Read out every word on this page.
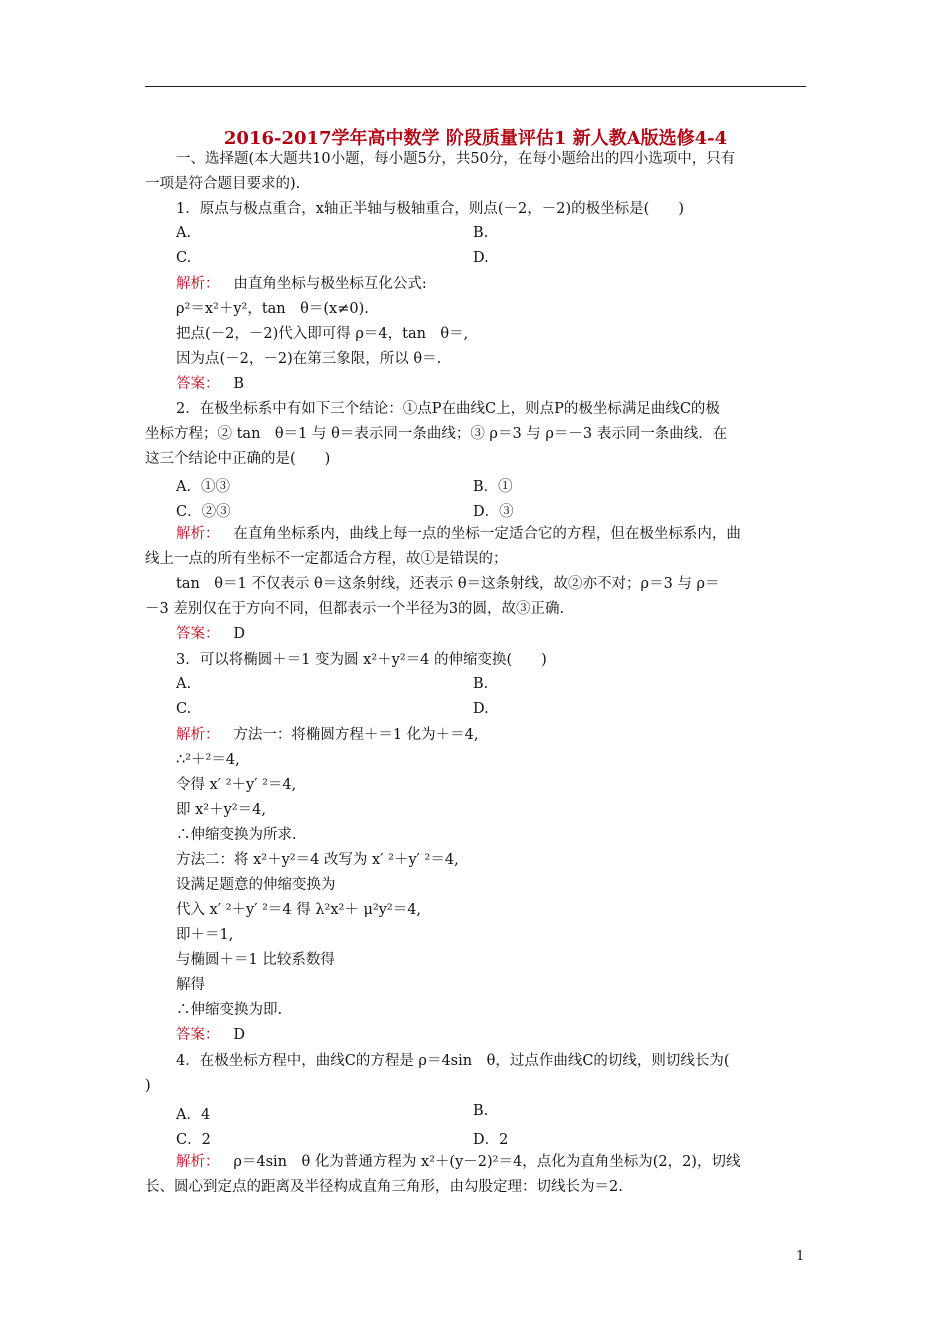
2016-2017学年高中数学 阶段质量评估1 新人教A版选修4-4
一、选择题(本大题共10小题，每小题5分，共50分，在每小题给出的四小选项中，只有
一项是符合题目要求的).
1．原点与极点重合，x轴正半轴与极轴重合，则点(－2，－2)的极坐标是(　　)
A.	B.
C.	D.
解析： 由直角坐标与极坐标互化公式:
ρ²＝x²＋y²，tan　θ＝(x≠0).
把点(－2，－2)代入即可得 ρ＝4，tan　θ＝,
因为点(－2，－2)在第三象限，所以 θ＝.
答案： B
2．在极坐标系中有如下三个结论：①点P在曲线C上，则点P的极坐标满足曲线C的极
坐标方程；② tan　θ＝1 与 θ＝表示同一条曲线；③ ρ＝3 与 ρ＝－3 表示同一条曲线．在
这三个结论中正确的是(　　)
A．①③	B．①
C．②③	D．③
解析： 在直角坐标系内，曲线上每一点的坐标一定适合它的方程，但在极坐标系内，曲
线上一点的所有坐标不一定都适合方程，故①是错误的；
tan　θ＝1 不仅表示 θ＝这条射线，还表示 θ＝这条射线，故②亦不对；ρ＝3 与 ρ＝
－3 差别仅在于方向不同，但都表示一个半径为3的圆，故③正确.
答案： D
3．可以将椭圆＋＝1 变为圆 x²＋y²＝4 的伸缩变换(　　)
A.	B.
C.	D.
解析： 方法一：将椭圆方程＋＝1 化为＋＝4,
∴²＋²＝4,
令得 x′ ²＋y′ ²＝4,
即 x²＋y²＝4,
∴伸缩变换为所求.
方法二：将 x²＋y²＝4 改写为 x′ ²＋y′ ²＝4,
设满足题意的伸缩变换为
代入 x′ ²＋y′ ²＝4 得 λ²x²＋ μ²y²＝4,
即＋＝1,
与椭圆＋＝1 比较系数得
解得
∴伸缩变换为即.
答案： D
4．在极坐标方程中，曲线C的方程是 ρ＝4sin　θ，过点作曲线C的切线，则切线长为(
)
A．4	B.
C．2	D．2
解析： ρ＝4sin　θ 化为普通方程为 x²＋(y－2)²＝4，点化为直角坐标为(2，2)，切线
长、圆心到定点的距离及半径构成直角三角形，由勾股定理：切线长为＝2.
1
